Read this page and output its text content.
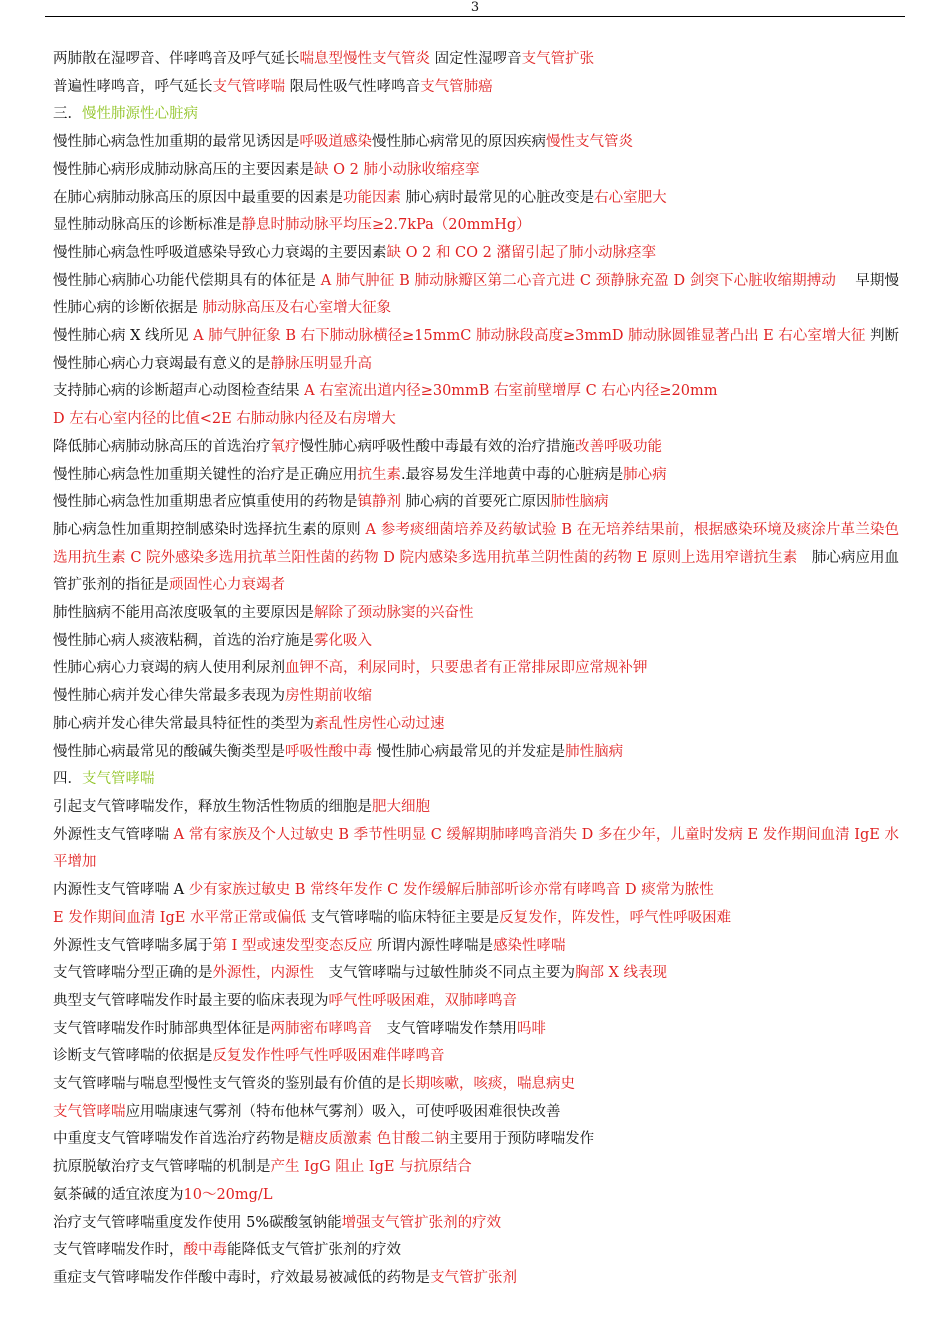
3
两肺散在湿啰音、伴哮鸣音及呼气延长喘息型慢性支气管炎 固定性湿啰音支气管扩张
普遍性哮鸣音，呼气延长支气管哮喘 限局性吸气性哮鸣音支气管肺癌
三．慢性肺源性心脏病
慢性肺心病急性加重期的最常见诱因是呼吸道感染慢性肺心病常见的原因疾病慢性支气管炎
慢性肺心病形成肺动脉高压的主要因素是缺 O 2 肺小动脉收缩痉挛
在肺心病肺动脉高压的原因中最重要的因素是功能因素 肺心病时最常见的心脏改变是右心室肥大
显性肺动脉高压的诊断标准是静息时肺动脉平均压≥2.7kPa（20mmHg）
慢性肺心病急性呼吸道感染导致心力衰竭的主要因素缺 O 2 和 CO 2 潴留引起了肺小动脉痉挛
慢性肺心病肺心功能代偿期具有的体征是 A 肺气肿征 B 肺动脉瓣区第二心音亢进 C 颈静脉充盈 D 剑突下心脏收缩期搏动　 早期慢性肺心病的诊断依据是 肺动脉高压及右心室增大征象
慢性肺心病 X 线所见 A 肺气肿征象 B 右下肺动脉横径≥15mmC 肺动脉段高度≥3mmD 肺动脉圆锥显著凸出 E 右心室增大征 判断慢性肺心病心力衰竭最有意义的是静脉压明显升高
支持肺心病的诊断超声心动图检查结果 A 右室流出道内径≥30mmB 右室前壁增厚 C 右心内径≥20mm
D 左右心室内径的比值<2E 右肺动脉内径及右房增大
降低肺心病肺动脉高压的首选治疗氧疗慢性肺心病呼吸性酸中毒最有效的治疗措施改善呼吸功能
慢性肺心病急性加重期关键性的治疗是正确应用抗生素.最容易发生洋地黄中毒的心脏病是肺心病
慢性肺心病急性加重期患者应慎重使用的药物是镇静剂 肺心病的首要死亡原因肺性脑病
肺心病急性加重期控制感染时选择抗生素的原则 A 参考痰细菌培养及药敏试验 B 在无培养结果前，根据感染环境及痰涂片革兰染色选用抗生素 C 院外感染多选用抗革兰阳性菌的药物 D 院内感染多选用抗革兰阴性菌的药物 E 原则上选用窄谱抗生素　肺心病应用血管扩张剂的指征是顽固性心力衰竭者
肺性脑病不能用高浓度吸氧的主要原因是解除了颈动脉窦的兴奋性
慢性肺心病人痰液粘稠，首选的治疗施是雾化吸入
性肺心病心力衰竭的病人使用利尿剂血钾不高，利尿同时，只要患者有正常排尿即应常规补钾
慢性肺心病并发心律失常最多表现为房性期前收缩
肺心病并发心律失常最具特征性的类型为紊乱性房性心动过速
慢性肺心病最常见的酸碱失衡类型是呼吸性酸中毒 慢性肺心病最常见的并发症是肺性脑病
四．支气管哮喘
引起支气管哮喘发作，释放生物活性物质的细胞是肥大细胞
外源性支气管哮喘 A 常有家族及个人过敏史 B 季节性明显 C 缓解期肺哮鸣音消失 D 多在少年，儿童时发病 E 发作期间血清 IgE 水平增加
内源性支气管哮喘 A 少有家族过敏史 B 常终年发作 C 发作缓解后肺部听诊亦常有哮鸣音 D 痰常为脓性
E 发作期间血清 IgE 水平常正常或偏低 支气管哮喘的临床特征主要是反复发作，阵发性，呼气性呼吸困难
外源性支气管哮喘多属于第 Ⅰ 型或速发型变态反应 所谓内源性哮喘是感染性哮喘
支气管哮喘分型正确的是外源性，内源性　支气管哮喘与过敏性肺炎不同点主要为胸部 X 线表现
典型支气管哮喘发作时最主要的临床表现为呼气性呼吸困难，双肺哮鸣音
支气管哮喘发作时肺部典型体征是两肺密布哮鸣音　支气管哮喘发作禁用吗啡
诊断支气管哮喘的依据是反复发作性呼气性呼吸困难伴哮鸣音
支气管哮喘与喘息型慢性支气管炎的鉴别最有价值的是长期咳嗽，咳痰，喘息病史
支气管哮喘应用喘康速气雾剂（特布他林气雾剂）吸入，可使呼吸困难很快改善
中重度支气管哮喘发作首选治疗药物是糖皮质激素 色甘酸二钠主要用于预防哮喘发作
抗原脱敏治疗支气管哮喘的机制是产生 IgG 阻止 IgE 与抗原结合
氨茶碱的适宜浓度为10～20mg/L
治疗支气管哮喘重度发作使用 5%碳酸氢钠能增强支气管扩张剂的疗效
支气管哮喘发作时，酸中毒能降低支气管扩张剂的疗效
重症支气管哮喘发作伴酸中毒时，疗效最易被减低的药物是支气管扩张剂
